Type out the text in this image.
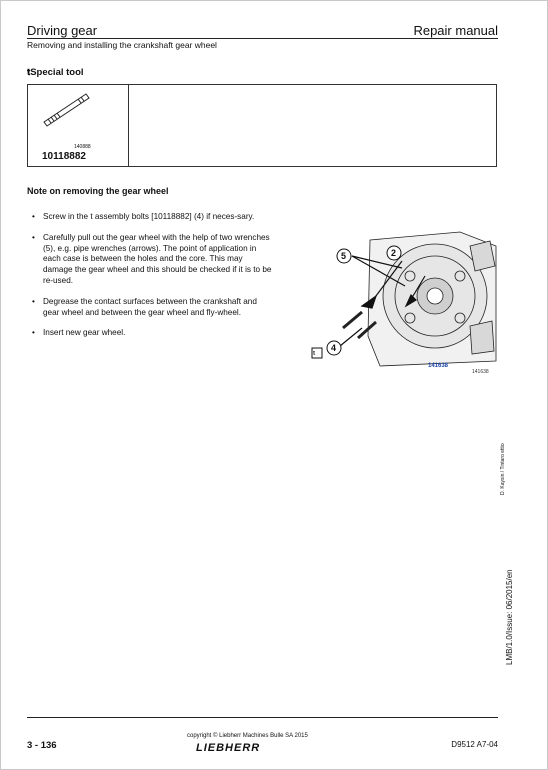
Driving gear	Repair manual
Removing and installing the crankshaft gear wheel
𝐭Special tool
140888
10118882
Note on removing the gear wheel
• Screw in the t assembly bolts [10118882] (4) if neces-sary.
• Carefully pull out the gear wheel with the help of two wrenches (5), e.g. pipe wrenches (arrows). The point of application in each case is between the holes and the core. This may damage the gear wheel and this should be checked if it is to be re-used.
• Degrease the contact surfaces between the crankshaft and gear wheel and between the gear wheel and fly-wheel.
• Insert new gear wheel.
5	2
4
𝐭
141638
141638
D. Kaysin / Tintaro ettio
LMB/1.0/Issue: 06/2015/en
3 - 136
copyright © Liebherr Machines Bulle SA 2015
LIEBHERR	D9512 A7-04
